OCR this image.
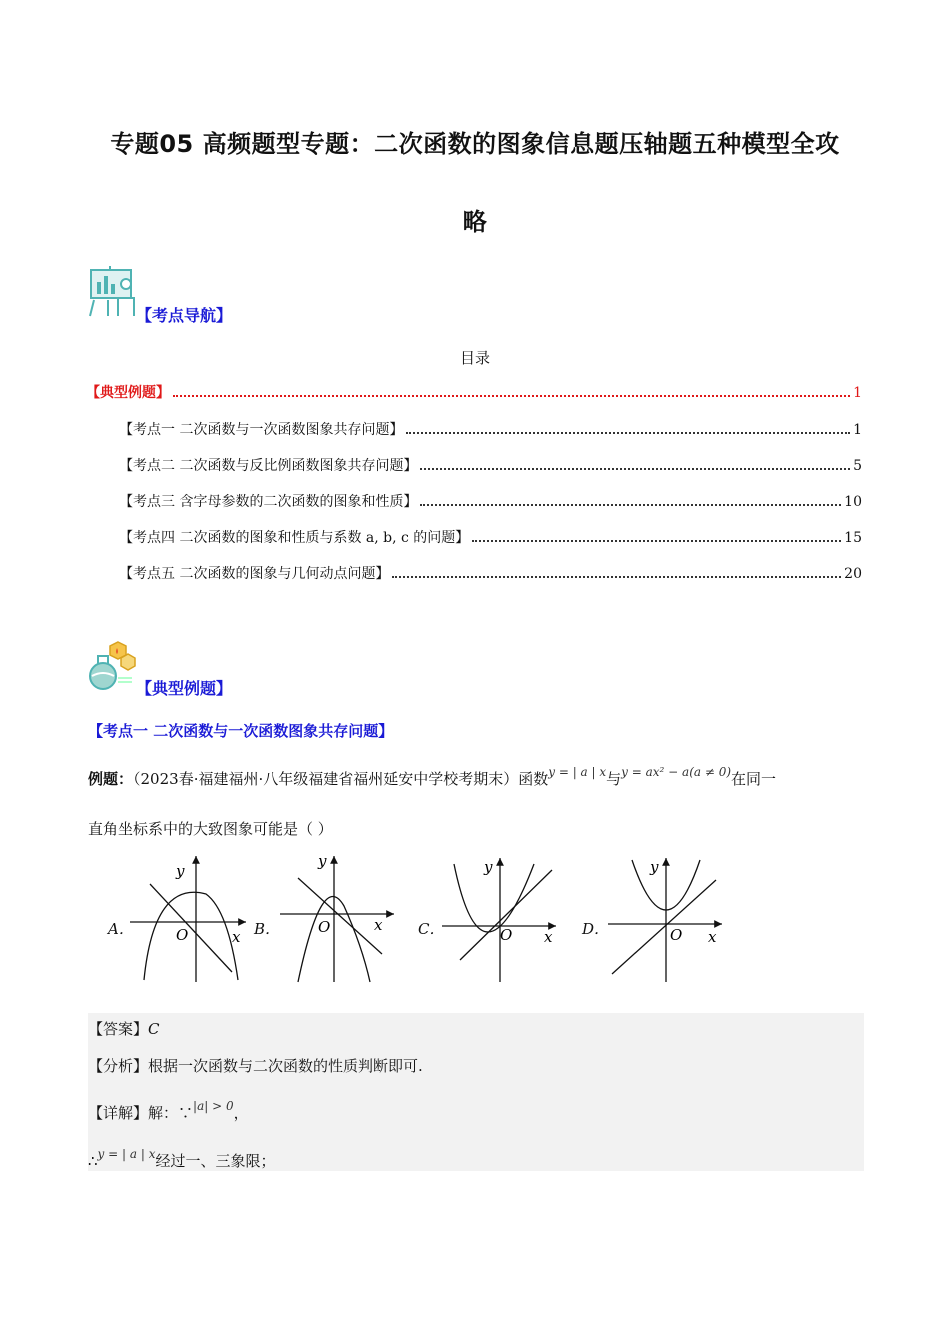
专题05 高频题型专题：二次函数的图象信息题压轴题五种模型全攻
略
【考点导航】
目录
【典型例题】	1
【考点一 二次函数与一次函数图象共存问题】	1
【考点二 二次函数与反比例函数图象共存问题】	5
【考点三 含字母参数的二次函数的图象和性质】	10
【考点四 二次函数的图象和性质与系数 a, b, c 的问题】	15
【考点五 二次函数的图象与几何动点问题】	20
【典型例题】
【考点一 二次函数与一次函数图象共存问题】
例题：（2023春·福建福州·八年级福建省福州延安中学校考期末）函数$^{y = | a | x}$与$^{y = ax^2 - a(a \ne 0)}$在同一
直角坐标系中的大致图象可能是（ ）
A．	B．	C．	D．
y
O	x
y
O	x
y
O x
y
O x
【答案】C
【分析】根据一次函数与二次函数的性质判断即可.
【详解】解：∵$^{|a| > 0}$，
∴$^{y = | a | x}$经过一、三象限；
